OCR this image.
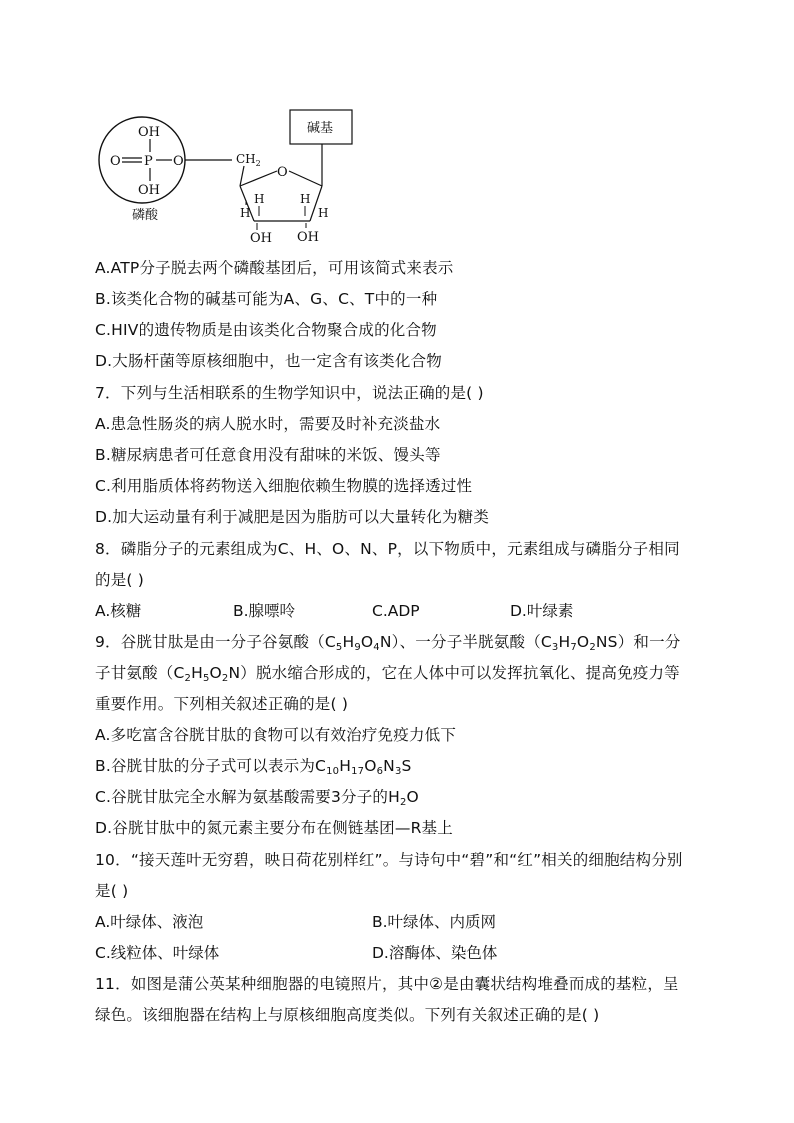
OH
O P O
OH
磷酸
$CH_2$
O
碱基
H
H	H
H
OH OH
A.ATP分子脱去两个磷酸基团后，可用该简式来表示
B.该类化合物的碱基可能为A、G、C、T中的一种
C.HIV的遗传物质是由该类化合物聚合成的化合物
D.大肠杆菌等原核细胞中，也一定含有该类化合物
7．下列与生活相联系的生物学知识中，说法正确的是( )
A.患急性肠炎的病人脱水时，需要及时补充淡盐水
B.糖尿病患者可任意食用没有甜味的米饭、馒头等
C.利用脂质体将药物送入细胞依赖生物膜的选择透过性
D.加大运动量有利于减肥是因为脂肪可以大量转化为糖类
8．磷脂分子的元素组成为C、H、O、N、P，以下物质中，元素组成与磷脂分子相同
的是( )
A.核糖	B.腺嘌呤	C.ADP	D.叶绿素
9．谷胱甘肽是由一分子谷氨酸$(C_5H_9O_4N)$、一分子半胱氨酸$(C_3H_7O_2NS)$和一分
子甘氨酸$(C_2H_5O_2N)$脱水缩合形成的，它在人体中可以发挥抗氧化、提高免疫力等
重要作用。下列相关叙述正确的是( )
A.多吃富含谷胱甘肽的食物可以有效治疗免疫力低下
B.谷胱甘肽的分子式可以表示为$C_{10}H_{17}O_6N_3S$
C.谷胱甘肽完全水解为氨基酸需要3分子的$H_2O$
D.谷胱甘肽中的氮元素主要分布在侧链基团—R基上
10．“接天莲叶无穷碧，映日荷花别样红”。与诗句中“碧”和“红”相关的细胞结构分别
是( )
A.叶绿体、液泡	B.叶绿体、内质网
C.线粒体、叶绿体	D.溶酶体、染色体
11．如图是蒲公英某种细胞器的电镜照片，其中②是由囊状结构堆叠而成的基粒，呈
绿色。该细胞器在结构上与原核细胞高度类似。下列有关叙述正确的是( )
